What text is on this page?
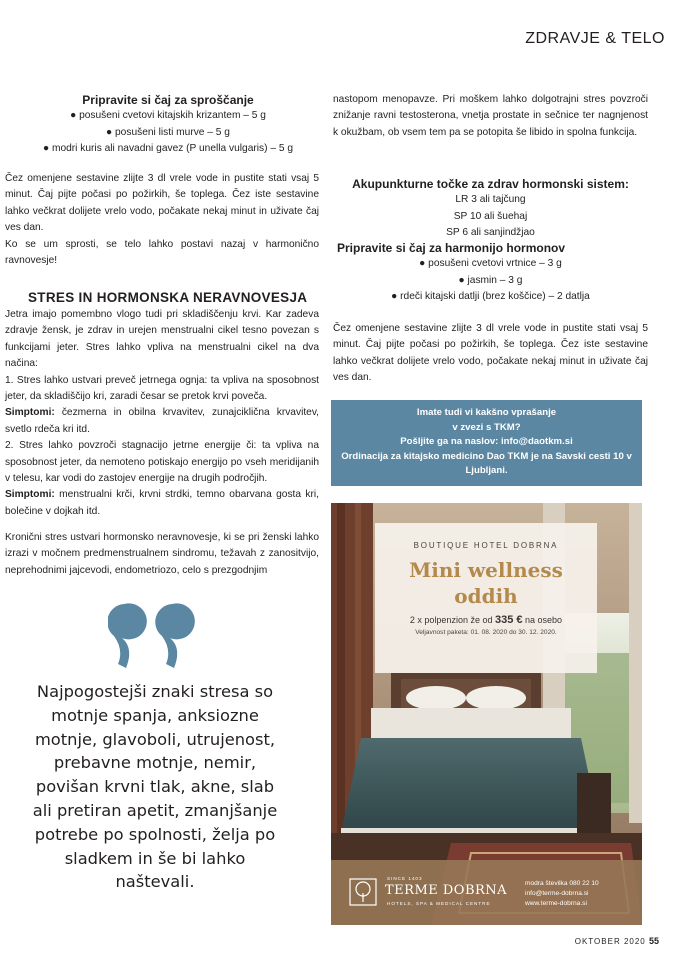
ZDRAVJE & TELO

Pripravite si čaj za sproščanje

● posušeni cvetovi kitajskih krizantem – 5 g

● posušeni listi murve – 5 g

● modri kuris ali navadni gavez (P unella vulgaris) – 5 g

Čez omenjene sestavine zlijte 3 dl vrele vode in pustite stati vsaj 5 minut. Čaj pijte počasi po požirkih, še toplega. Čez iste sestavine lahko večkrat dolijete vrelo vodo, počakate nekaj minut in uživate čaj ves dan.

Ko se um sprosti, se telo lahko postavi nazaj v harmonično ravnovesje!

STRES IN HORMONSKA NERAVNOVESJA

Jetra imajo pomembno vlogo tudi pri skladiščenju krvi. Kar zadeva zdravje žensk, je zdrav in urejen menstrualni cikel tesno povezan s funkcijami jeter. Stres lahko vpliva na menstrualni cikel na dva načina:

1. Stres lahko ustvari preveč jetrnega ognja: ta vpliva na sposobnost jeter, da skladiščijo kri, zaradi česar se pretok krvi poveča.

Simptomi: čezmerna in obilna krvavitev, zunajciklična krvavitev, svetlo rdeča kri itd.

2. Stres lahko povzroči stagnacijo jetrne energije či: ta vpliva na sposobnost jeter, da nemoteno potiskajo energijo po vseh meridijanih v telesu, kar vodi do zastojev energije na drugih področjih.

Simptomi: menstrualni krči, krvni strdki, temno obarvana gosta kri, bolečine v dojkah itd.

Kronični stres ustvari hormonsko neravnovesje, ki se pri ženski lahko izrazi v močnem predmenstrualnem sindromu, težavah z zanositvijo, neprehodnimi jajcevodi, endometriozo, celo s prezgodnjim
Najpogostejši znaki stresa so motnje spanja, anksiozne motnje, glavoboli, utrujenost, prebavne motnje, nemir, povišan krvni tlak, akne, slab ali pretiran apetit, zmanjšanje potrebe po spolnosti, želja po sladkem in še bi lahko naštevali.
nastopom menopavze. Pri moškem lahko dolgotrajni stres povzroči znižanje ravni testosterona, vnetja prostate in sečnice ter nagnjenost k okužbam, ob vsem tem pa se potopita še libido in spolna funkcija.

Akupunkturne točke za zdrav hormonski sistem:

LR 3 ali tajčung

SP 10 ali šuehaj

SP 6 ali sanjindžjao

Pripravite si čaj za harmonijo hormonov

● posušeni cvetovi vrtnice – 3 g

● jasmin – 3 g

● rdeči kitajski datlji (brez koščice) – 2 datlja

Čez omenjene sestavine zlijte 3 dl vrele vode in pustite stati vsaj 5 minut. Čaj pijte počasi po požirkih, še toplega. Čez iste sestavine lahko večkrat dolijete vrelo vodo, počakate nekaj minut in uživate čaj ves dan.
Imate tudi vi kakšno vprašanje
v zvezi s TKM?
Pošljite ga na naslov: info@daotkm.si
Ordinacija za kitajsko medicino Dao TKM je na Savski cesti 10 v Ljubljani.
BOUTIQUE HOTEL DOBRNA
Mini wellness
oddih
2 x polpenzion že od 335 € na osebo
Veljavnost paketa: 01. 08. 2020 do 30. 12. 2020.
SINCE 1403
TERME DOBRNA
HOTELS, SPA & MEDICAL CENTRE
modra številka 080 22 10
info@terme-dobrna.si
www.terme-dobrna.si
OKTOBER 2020 55
